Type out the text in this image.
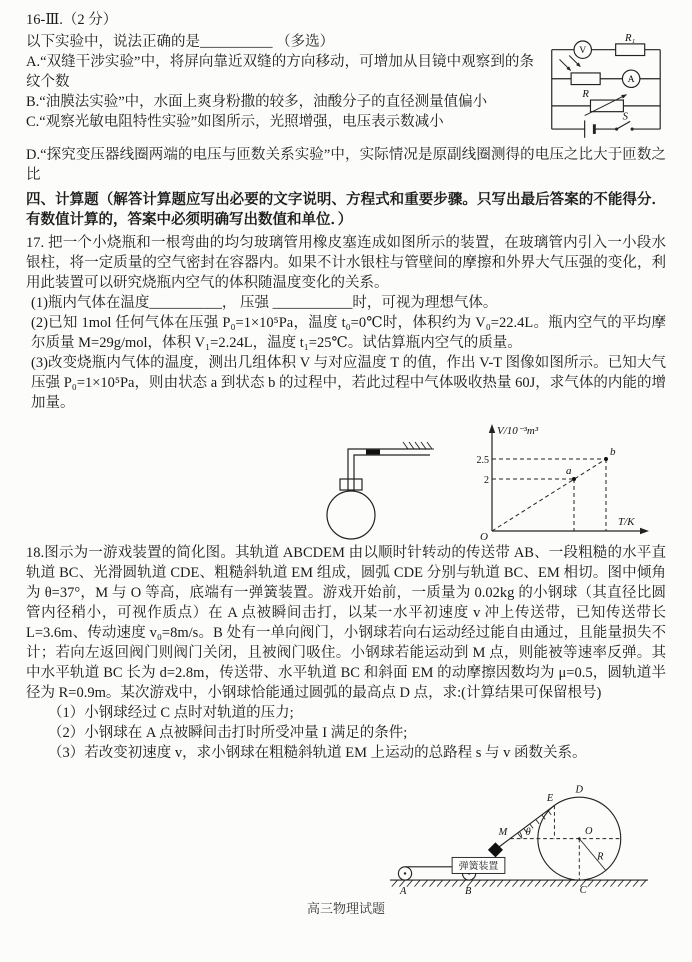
16-Ⅲ.（2 分）

V
A
R₁
R
S

以下实验中，说法正确的是__________ （多选）

A.“双缝干涉实验”中，将屏向靠近双缝的方向移动，可增加从目镜中观察到的条纹个数

B.“油膜法实验”中，水面上爽身粉撒的较多，油酸分子的直径测量值偏小

C.“观察光敏电阻特性实验”如图所示，光照增强，电压表示数减小

D.“探究变压器线圈两端的电压与匝数关系实验”中，实际情况是原副线圈测得的电压之比大于匝数之比

四、计算题（解答计算题应写出必要的文字说明、方程式和重要步骤。只写出最后答案的不能得分．有数值计算的，答案中必须明确写出数值和单位．）

17. 把一个小烧瓶和一根弯曲的均匀玻璃管用橡皮塞连成如图所示的装置，在玻璃管内引入一小段水银柱，将一定质量的空气密封在容器内。如果不计水银柱与管壁间的摩擦和外界大气压强的变化，利用此装置可以研究烧瓶内空气的体积随温度变化的关系。

(1)瓶内气体在温度__________， 压强 ___________时，可视为理想气体。

(2)已知 1mol 任何气体在压强 P₀=1×10⁵Pa，温度 t₀=0℃时，体积约为 V₀=22.4L。瓶内空气的平均摩尔质量 M=29g/mol，体积 V₁=2.24L，温度 t₁=25℃。试估算瓶内空气的质量。

(3)改变烧瓶内气体的温度，测出几组体积 V 与对应温度 T 的值，作出 V-T 图像如图所示。已知大气压强 P₀=1×10⁵Pa，则由状态 a 到状态 b 的过程中，若此过程中气体吸收热量 60J，求气体的内能的增加量。

V/10⁻³m³
T/K
O
2.5
2
a
b

18.图示为一游戏装置的简化图。其轨道 ABCDEM 由以顺时针转动的传送带 AB、一段粗糙的水平直轨道 BC、光滑圆轨道 CDE、粗糙斜轨道 EM 组成，圆弧 CDE 分别与轨道 BC、EM 相切。图中倾角为 θ=37°，M 与 O 等高，底端有一弹簧装置。游戏开始前，一质量为 0.02kg 的小钢球（其直径比圆管内径稍小，可视作质点）在 A 点被瞬间击打，以某一水平初速度 v 冲上传送带，已知传送带长 L=3.6m、传动速度 v₀=8m/s。B 处有一单向阀门，小钢球若向右运动经过能自由通过，且能量损失不计；若向左返回阀门则阀门关闭，且被阀门吸住。小钢球若能运动到 M 点，则能被等速率反弹。其中水平轨道 BC 长为 d=2.8m，传送带、水平轨道 BC 和斜面 EM 的动摩擦因数均为 μ=0.5，圆轨道半径为 R=0.9m。某次游戏中，小钢球恰能通过圆弧的最高点 D 点，求:(计算结果可保留根号)

（1）小钢球经过 C 点时对轨道的压力;

（2）小钢球在 A 点被瞬间击打时所受冲量 I 满足的条件;

（3）若改变初速度 v，求小钢球在粗糙斜轨道 EM 上运动的总路程 s 与 v 函数关系。

弹簧装置
A	B	C
D
E
M	O
R
θ
高三物理试题
